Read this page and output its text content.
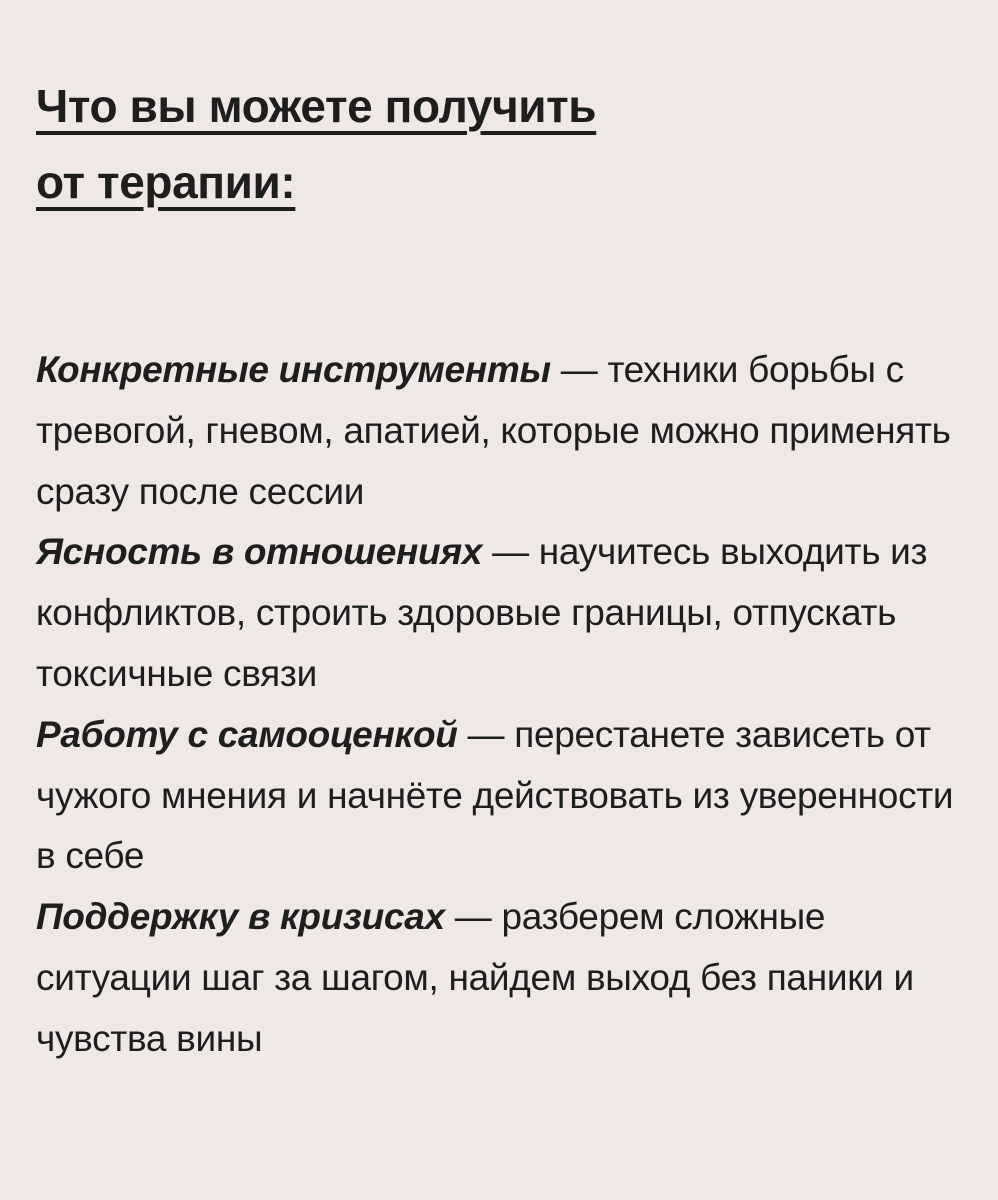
Что вы можете получить
от терапии:
Конкретные инструменты — техники борьбы с тревогой, гневом, апатией, которые можно применять сразу после сессии
Ясность в отношениях — научитесь выходить из конфликтов, строить здоровые границы, отпускать токсичные связи
Работу с самооценкой — перестанете зависеть от чужого мнения и начнёте действовать из уверенности в себе
Поддержку в кризисах — разберем сложные ситуации шаг за шагом, найдем выход без паники и чувства вины
